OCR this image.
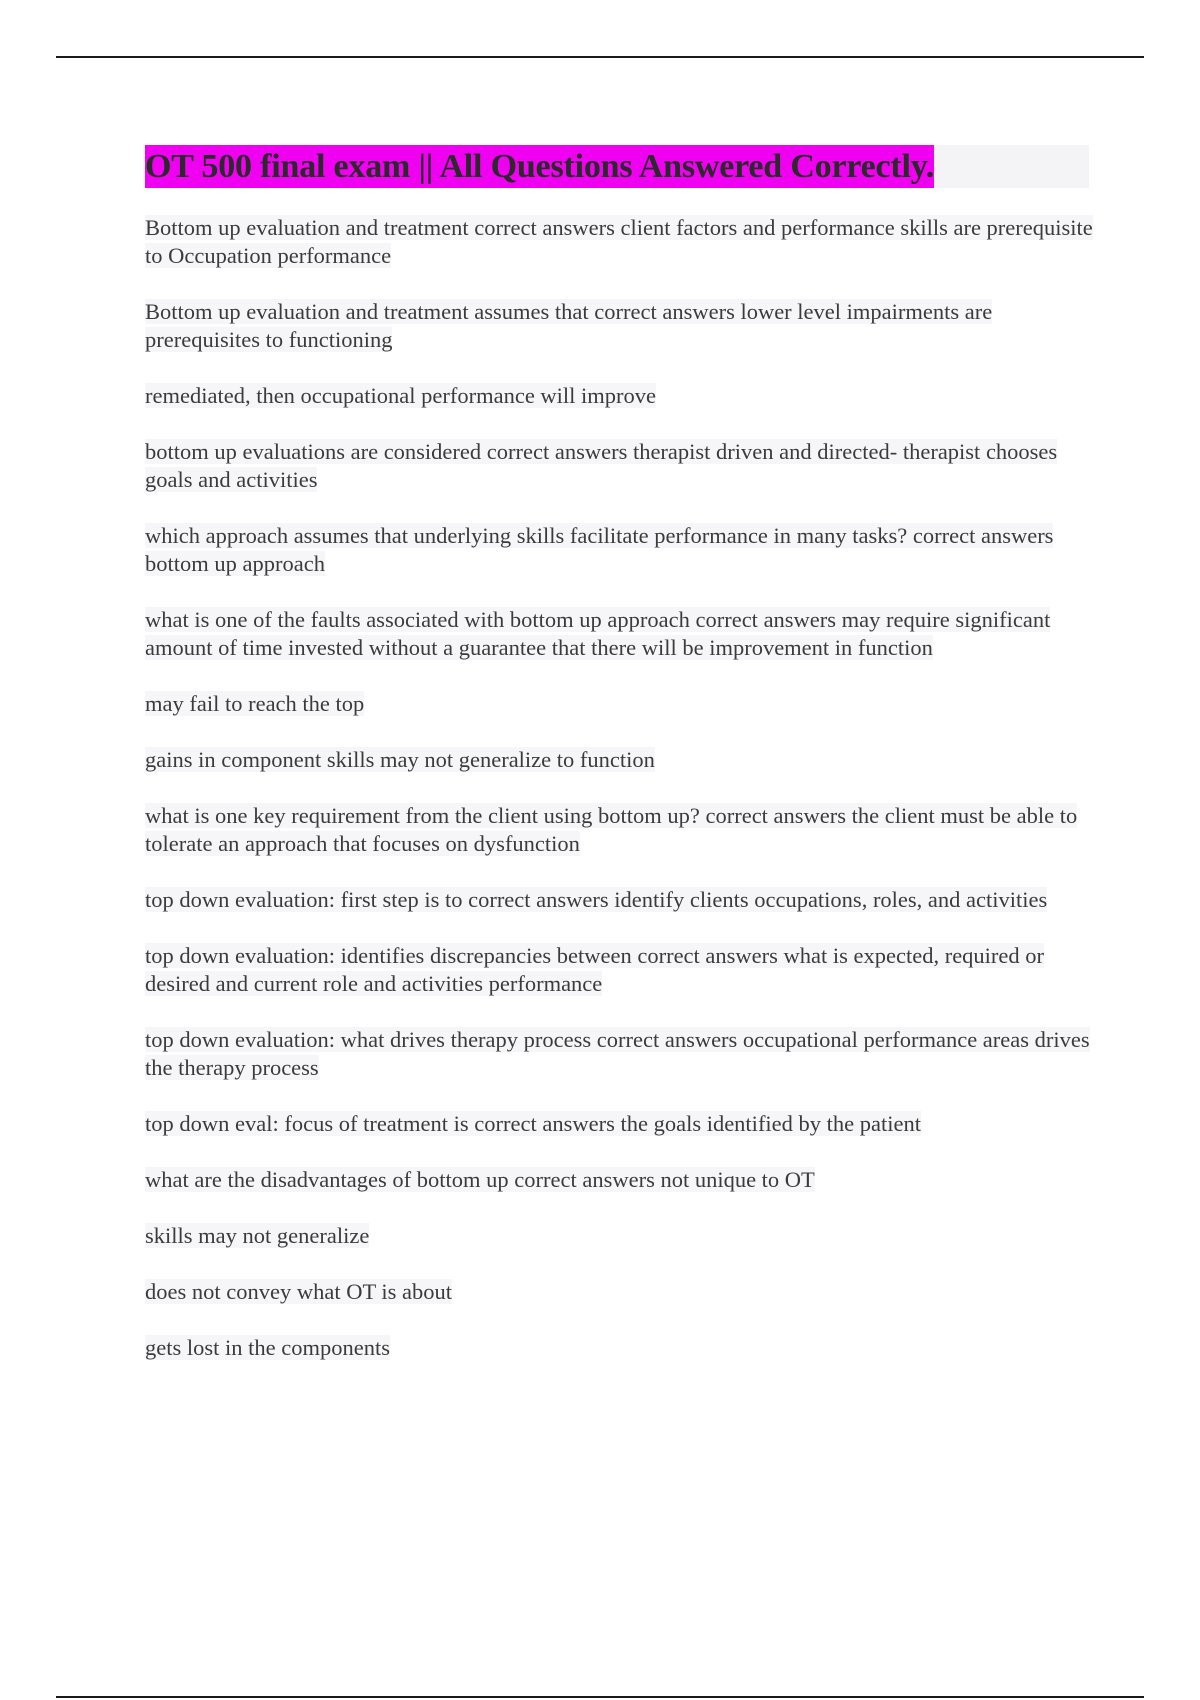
OT 500 final exam || All Questions Answered Correctly.

Bottom up evaluation and treatment correct answers client factors and performance skills are prerequisite to Occupation performance

Bottom up evaluation and treatment assumes that correct answers lower level impairments are prerequisites to functioning

remediated, then occupational performance will improve

bottom up evaluations are considered correct answers therapist driven and directed- therapist chooses goals and activities

which approach assumes that underlying skills facilitate performance in many tasks? correct answers bottom up approach

what is one of the faults associated with bottom up approach correct answers may require significant amount of time invested without a guarantee that there will be improvement in function

may fail to reach the top

gains in component skills may not generalize to function

what is one key requirement from the client using bottom up? correct answers the client must be able to tolerate an approach that focuses on dysfunction

top down evaluation: first step is to correct answers identify clients occupations, roles, and activities

top down evaluation: identifies discrepancies between correct answers what is expected, required or desired and current role and activities performance

top down evaluation: what drives therapy process correct answers occupational performance areas drives the therapy process

top down eval: focus of treatment is correct answers the goals identified by the patient

what are the disadvantages of bottom up correct answers not unique to OT

skills may not generalize

does not convey what OT is about

gets lost in the components
